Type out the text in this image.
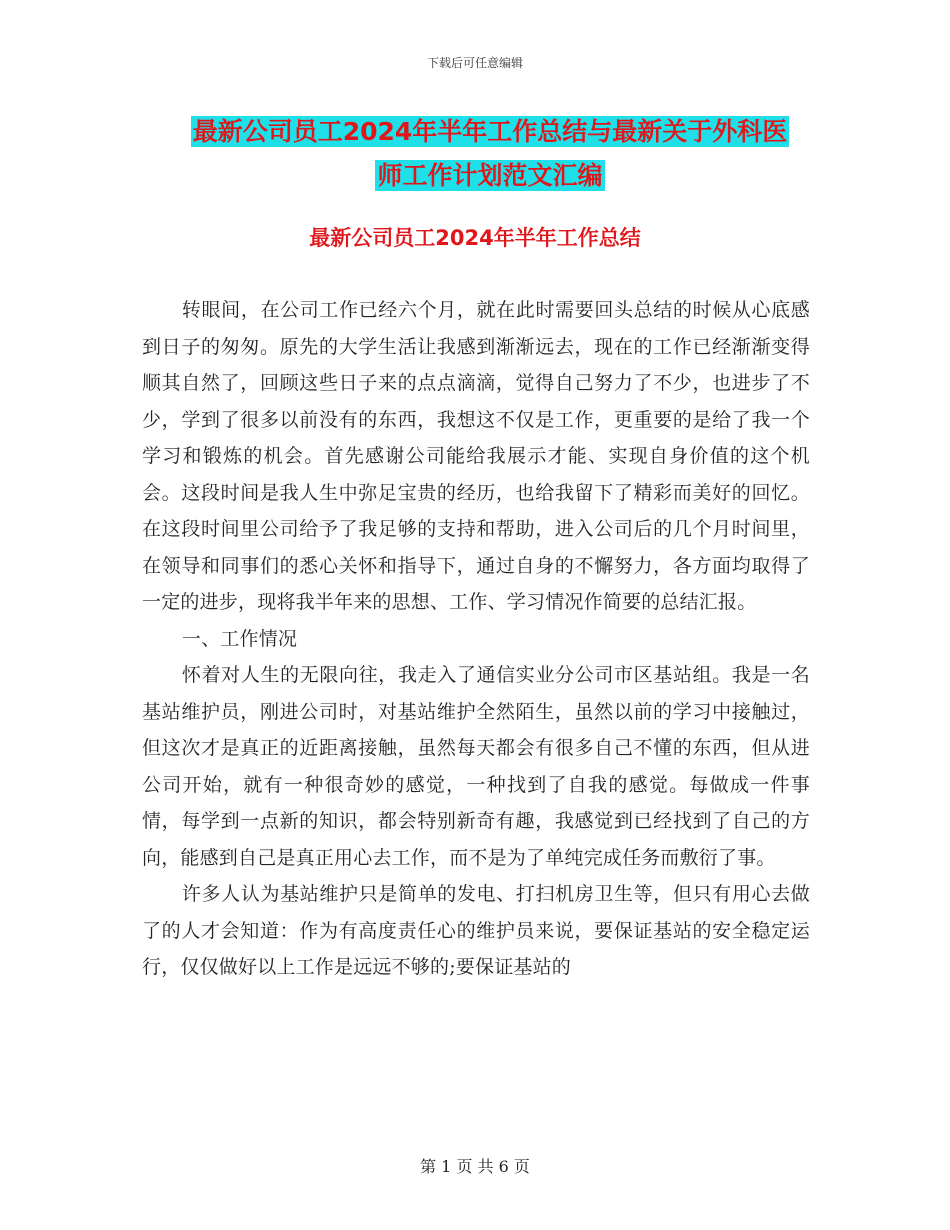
下载后可任意编辑
最新公司员工2024年半年工作总结与最新关于外科医
师工作计划范文汇编
最新公司员工2024年半年工作总结

转眼间，在公司工作已经六个月，就在此时需要回头总结的时候从心底感到日子的匆匆。原先的大学生活让我感到渐渐远去，现在的工作已经渐渐变得顺其自然了，回顾这些日子来的点点滴滴，觉得自己努力了不少，也进步了不少，学到了很多以前没有的东西，我想这不仅是工作，更重要的是给了我一个学习和锻炼的机会。首先感谢公司能给我展示才能、实现自身价值的这个机会。这段时间是我人生中弥足宝贵的经历，也给我留下了精彩而美好的回忆。在这段时间里公司给予了我足够的支持和帮助，进入公司后的几个月时间里，在领导和同事们的悉心关怀和指导下，通过自身的不懈努力，各方面均取得了一定的进步，现将我半年来的思想、工作、学习情况作简要的总结汇报。

一、工作情况

怀着对人生的无限向往，我走入了通信实业分公司市区基站组。我是一名基站维护员，刚进公司时，对基站维护全然陌生，虽然以前的学习中接触过，但这次才是真正的近距离接触，虽然每天都会有很多自己不懂的东西，但从进公司开始，就有一种很奇妙的感觉，一种找到了自我的感觉。每做成一件事情，每学到一点新的知识，都会特别新奇有趣，我感觉到已经找到了自己的方向，能感到自己是真正用心去工作，而不是为了单纯完成任务而敷衍了事。

许多人认为基站维护只是简单的发电、打扫机房卫生等，但只有用心去做了的人才会知道：作为有高度责任心的维护员来说，要保证基站的安全稳定运行，仅仅做好以上工作是远远不够的;要保证基站的

第 1 页 共 6 页
